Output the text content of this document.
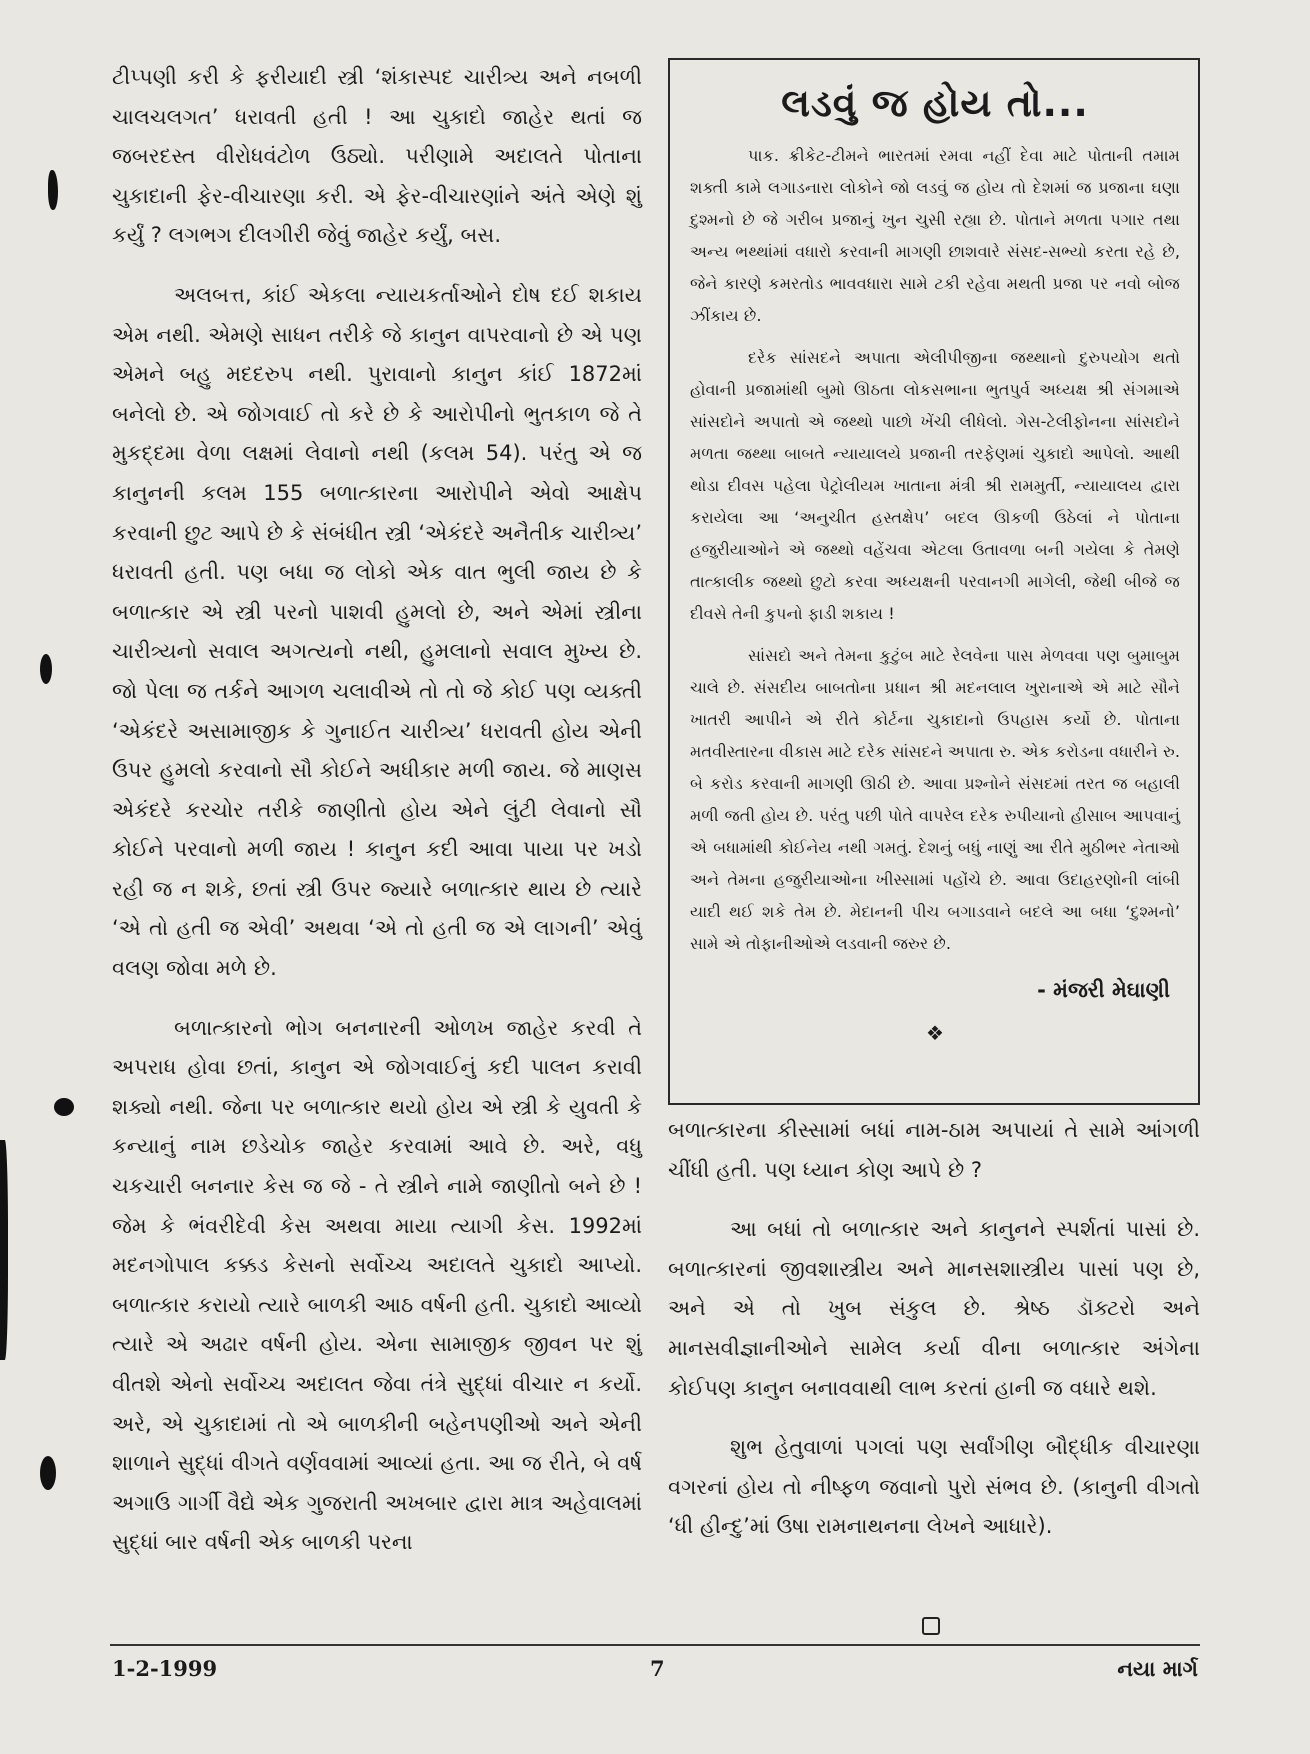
ટીપ્પણી કરી કે ફરીયાદી સ્ત્રી ‘શંકાસ્પદ ચારીત્ર્ય અને નબળી ચાલચલગત’ ધરાવતી હતી ! આ ચુકાદો જાહેર થતાં જ જબરદસ્ત વીરોધવંટોળ ઉઠ્યો. પરીણામે અદાલતે પોતાના ચુકાદાની ફેર-વીચારણા કરી. એ ફેર-વીચારણાંને અંતે એણે શું કર્યું ? લગભગ દીલગીરી જેવું જાહેર કર્યું, બસ.

અલબત્ત, કાંઈ એકલા ન્યાયકર્તાઓને દોષ દઈ શકાય એમ નથી. એમણે સાધન તરીકે જે કાનુન વાપરવાનો છે એ પણ એમને બહુ મદદરુપ નથી. પુરાવાનો કાનુન કાંઈ 1872માં બનેલો છે. એ જોગવાઈ તો કરે છે કે આરોપીનો ભુતકાળ જે તે મુકદ્દમા વેળા લક્ષમાં લેવાનો નથી (કલમ 54). પરંતુ એ જ કાનુનની કલમ 155 બળાત્કારના આરોપીને એવો આક્ષેપ કરવાની છુટ આપે છે કે સંબંધીત સ્ત્રી ‘એકંદરે અનૈતીક ચારીત્ર્ય’ ધરાવતી હતી. પણ બધા જ લોકો એક વાત ભુલી જાય છે કે બળાત્કાર એ સ્ત્રી પરનો પાશવી હુમલો છે, અને એમાં સ્ત્રીના ચારીત્ર્યનો સવાલ અગત્યનો નથી, હુમલાનો સવાલ મુખ્ય છે. જો પેલા જ તર્કને આગળ ચલાવીએ તો તો જે કોઈ પણ વ્યક્તી ‘એકંદરે અસામાજીક કે ગુનાઈત ચારીત્ર્ય’ ધરાવતી હોય એની ઉપર હુમલો કરવાનો સૌ કોઈને અધીકાર મળી જાય. જે માણસ એકંદરે કરચોર તરીકે જાણીતો હોય એને લુંટી લેવાનો સૌ કોઈને પરવાનો મળી જાય ! કાનુન કદી આવા પાયા પર ખડો રહી જ ન શકે, છતાં સ્ત્રી ઉપર જ્યારે બળાત્કાર થાય છે ત્યારે ‘એ તો હતી જ એવી’ અથવા ‘એ તો હતી જ એ લાગની’ એવું વલણ જોવા મળે છે.

બળાત્કારનો ભોગ બનનારની ઓળખ જાહેર કરવી તે અપરાધ હોવા છતાં, કાનુન એ જોગવાઈનું કદી પાલન કરાવી શક્યો નથી. જેના પર બળાત્કાર થયો હોય એ સ્ત્રી કે યુવતી કે કન્યાનું નામ છડેચોક જાહેર કરવામાં આવે છે. અરે, વધુ ચકચારી બનનાર કેસ જ જે - તે સ્ત્રીને નામે જાણીતો બને છે ! જેમ કે ભંવરીદેવી કેસ અથવા માયા ત્યાગી કેસ. 1992માં મદનગોપાલ કક્કડ કેસનો સર્વોચ્ચ અદાલતે ચુકાદો આપ્યો. બળાત્કાર કરાયો ત્યારે બાળકી આઠ વર્ષની હતી. ચુકાદો આવ્યો ત્યારે એ અઢાર વર્ષની હોય. એના સામાજીક જીવન પર શું વીતશે એનો સર્વોચ્ચ અદાલત જેવા તંત્રે સુદ્ધાં વીચાર ન કર્યો. અરે, એ ચુકાદામાં તો એ બાળકીની બહેનપણીઓ અને એની શાળાને સુદ્ધાં વીગતે વર્ણવવામાં આવ્યાં હતા. આ જ રીતે, બે વર્ષ અગાઉ ગાર્ગી વૈદ્યે એક ગુજરાતી અખબાર દ્વારા માત્ર અહેવાલમાં સુદ્ધાં બાર વર્ષની એક બાળકી પરના

લડવું જ હોય તો...

પાક. ક્રીકેટ-ટીમને ભારતમાં રમવા નહીં દેવા માટે પોતાની તમામ શક્તી કામે લગાડનારા લોકોને જો લડવું જ હોય તો દેશમાં જ પ્રજાના ઘણા દુશ્મનો છે જે ગરીબ પ્રજાનું ખુન ચુસી રહ્યા છે. પોતાને મળતા પગાર તથા અન્ય ભથ્થાંમાં વધારો કરવાની માગણી છાશવારે સંસદ-સભ્યો કરતા રહે છે, જેને કારણે કમરતોડ ભાવવધારા સામે ટકી રહેવા મથતી પ્રજા પર નવો બોજ ઝીંકાય છે.

દરેક સાંસદને અપાતા એલીપીજીના જથ્થાનો દુરુપયોગ થતો હોવાની પ્રજામાંથી બુમો ઊઠતા લોકસભાના ભુતપુર્વ અધ્યક્ષ શ્રી સંગમાએ સાંસદોને અપાતો એ જથ્થો પાછો ખેંચી લીધેલો. ગેસ-ટેલીફોનના સાંસદોને મળતા જથ્થા બાબતે ન્યાયાલયે પ્રજાની તરફેણમાં ચુકાદો આપેલો. આથી થોડા દીવસ પહેલા પેટ્રોલીયમ ખાતાના મંત્રી શ્રી રામમુર્તી, ન્યાયાલય દ્વારા કરાયેલા આ ‘અનુચીત હસ્તક્ષેપ’ બદલ ઊકળી ઉઠેલાં ને પોતાના હજુરીયાઓને એ જથ્થો વહેંચવા એટલા ઉતાવળા બની ગયેલા કે તેમણે તાત્કાલીક જથ્થો છુટો કરવા અધ્યક્ષની પરવાનગી માગેલી, જેથી બીજે જ દીવસે તેની કુપનો ફાડી શકાય !

સાંસદો અને તેમના કુટુંબ માટે રેલવેના પાસ મેળવવા પણ બુમાબુમ ચાલે છે. સંસદીય બાબતોના પ્રધાન શ્રી મદનલાલ ખુરાનાએ એ માટે સૌને ખાતરી આપીને એ રીતે કોર્ટના ચુકાદાનો ઉપહાસ કર્યો છે. પોતાના મતવીસ્તારના વીકાસ માટે દરેક સાંસદને અપાતા રુ. એક કરોડના વધારીને રુ. બે કરોડ કરવાની માગણી ઊઠી છે. આવા પ્રશ્નોને સંસદમાં તરત જ બહાલી મળી જતી હોય છે. પરંતુ પછી પોતે વાપરેલ દરેક રુપીયાનો હીસાબ આપવાનું એ બધામાંથી કોઈનેય નથી ગમતું. દેશનું બધું નાણું આ રીતે મુઠીભર નેતાઓ અને તેમના હજુરીયાઓના ખીસ્સામાં પહોંચે છે. આવા ઉદાહરણોની લાંબી યાદી થઈ શકે તેમ છે. મેદાનની પીચ બગાડવાને બદલે આ બધા ‘દુશ્મનો’ સામે એ તોફાનીઓએ લડવાની જરુર છે.

- મંજરી મેઘાણી
❖

બળાત્કારના કીસ્સામાં બધાં નામ-ઠામ અપાયાં તે સામે આંગળી ચીંધી હતી. પણ ધ્યાન કોણ આપે છે ?

આ બધાં તો બળાત્કાર અને કાનુનને સ્પર્શતાં પાસાં છે. બળાત્કારનાં જીવશાસ્ત્રીય અને માનસશાસ્ત્રીય પાસાં પણ છે, અને એ તો ખુબ સંકુલ છે. શ્રેષ્ઠ ડૉક્ટરો અને માનસવીજ્ઞાનીઓને સામેલ કર્યા વીના બળાત્કાર અંગેના કોઈપણ કાનુન બનાવવાથી લાભ કરતાં હાની જ વધારે થશે.

શુભ હેતુવાળાં પગલાં પણ સર્વાંગીણ બૌદ્ધીક વીચારણા વગરનાં હોય તો નીષ્ફળ જવાનો પુરો સંભવ છે. (કાનુની વીગતો ‘ધી હીન્દુ’માં ઉષા રામનાથનના લેખને આધારે).

1-2-1999	7	નયા માર્ગ
